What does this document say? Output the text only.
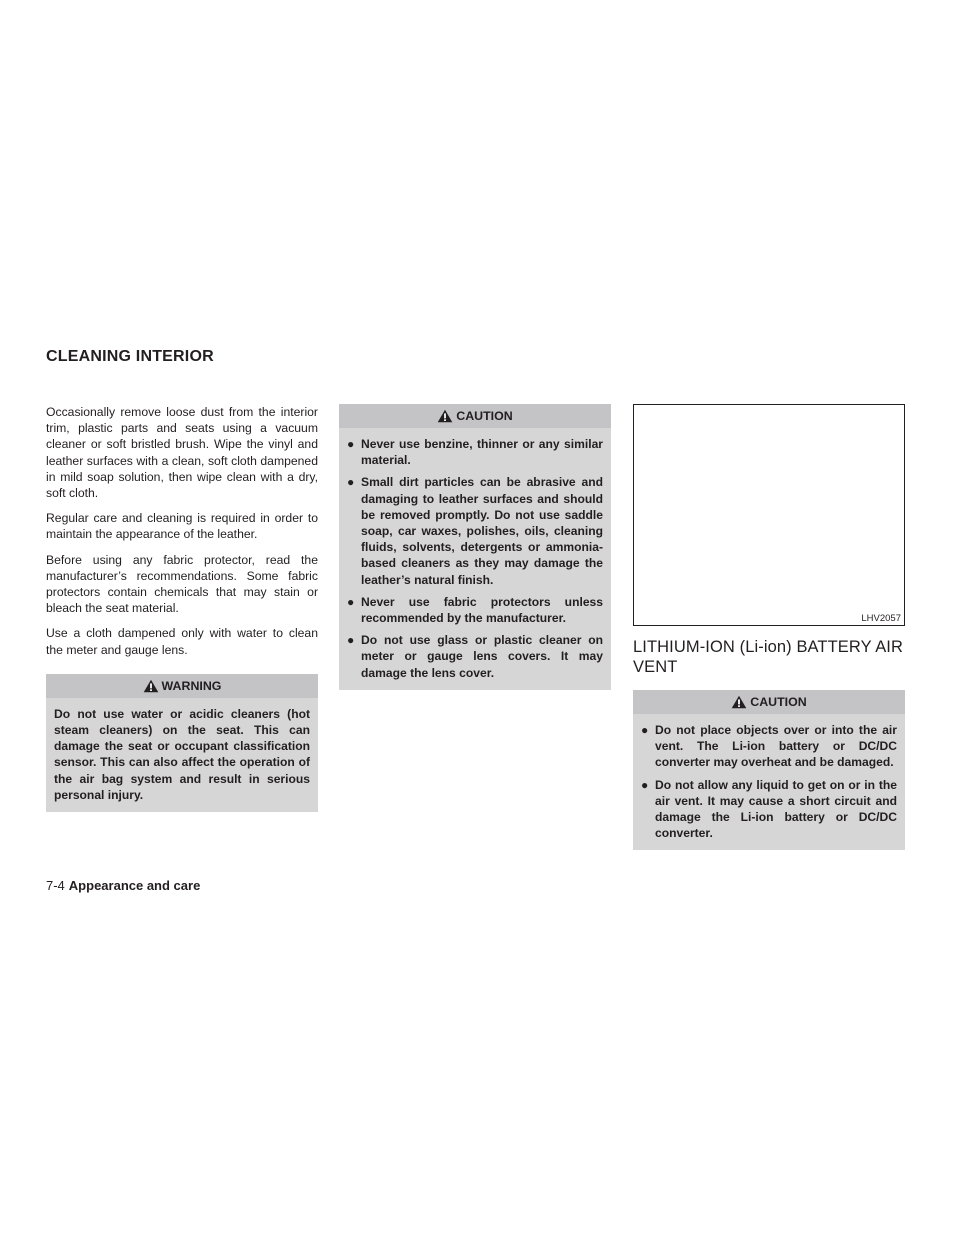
CLEANING INTERIOR

Occasionally remove loose dust from the interior trim, plastic parts and seats using a vacuum cleaner or soft bristled brush. Wipe the vinyl and leather surfaces with a clean, soft cloth dampened in mild soap solution, then wipe clean with a dry, soft cloth.

Regular care and cleaning is required in order to maintain the appearance of the leather.

Before using any fabric protector, read the manufacturer’s recommendations. Some fabric protectors contain chemicals that may stain or bleach the seat material.

Use a cloth dampened only with water to clean the meter and gauge lens.

WARNING
Do not use water or acidic cleaners (hot steam cleaners) on the seat. This can damage the seat or occupant classification sensor. This can also affect the operation of the air bag system and result in serious personal injury.
CAUTION
● Never use benzine, thinner or any similar material.
● Small dirt particles can be abrasive and damaging to leather surfaces and should be removed promptly. Do not use saddle soap, car waxes, polishes, oils, cleaning fluids, solvents, detergents or ammonia-based cleaners as they may damage the leather’s natural finish.
● Never use fabric protectors unless recommended by the manufacturer.
● Do not use glass or plastic cleaner on meter or gauge lens covers. It may damage the lens cover.
LHV2057
LITHIUM-ION (Li-ion) BATTERY AIR VENT
CAUTION
● Do not place objects over or into the air vent. The Li-ion battery or DC/DC converter may overheat and be damaged.
● Do not allow any liquid to get on or in the air vent. It may cause a short circuit and damage the Li-ion battery or DC/DC converter.
7-4 Appearance and care
